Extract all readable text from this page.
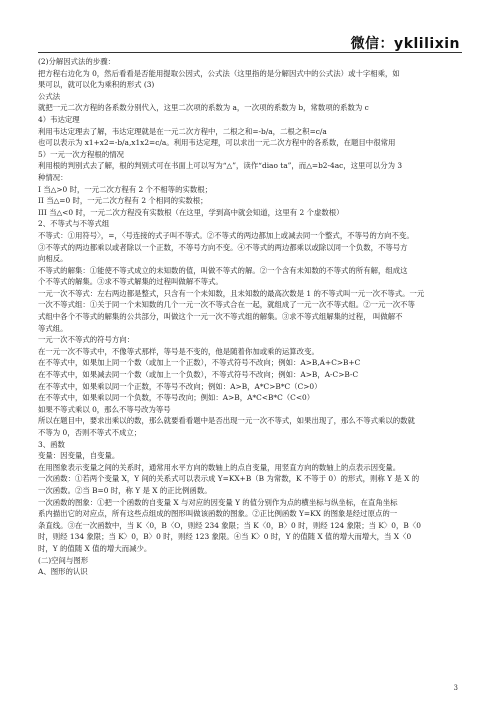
微信：yklilixin
(2)分解因式法的步骤：
把方程右边化为 0，然后看看是否能用提取公因式，公式法（这里指的是分解因式中的公式法）或十字相乘，如
果可以，就可以化为乘积的形式 (3)
公式法
就把一元二次方程的各系数分别代入，这里二次项的系数为 a，一次项的系数为 b，常数项的系数为 c
4）韦达定理
利用韦达定理去了解，韦达定理就是在一元二次方程中，二根之和=-b/a，二根之积=c/a
也可以表示为 x1+x2=-b/a,x1x2=c/a。利用韦达定理，可以求出一元二次方程中的各系数，在题目中很常用
5）一元一次方程根的情况
利用根的判别式去了解，根的判别式可在书面上可以写为“△”，读作“diao ta”，而△=b2-4ac，这里可以分为 3
种情况：
I 当△>0 时，一元二次方程有 2 个不相等的实数根；
II 当△=0 时，一元二次方程有 2 个相同的实数根；
III 当△<0 时，一元二次方程没有实数根（在这里，学到高中就会知道，这里有 2 个虚数根）
2、不等式与不等式组
不等式：①用符号〉，=，〈号连接的式子叫不等式。②不等式的两边都加上或减去同一个整式，不等号的方向不变。
③不等式的两边都乘以或者除以一个正数，不等号方向不变。④不等式的两边都乘以或除以同一个负数，不等号方
向相反。
不等式的解集：①能使不等式成立的未知数的值，叫做不等式的解。②一个含有未知数的不等式的所有解，组成这
个不等式的解集。③求不等式解集的过程叫做解不等式。
一元一次不等式：左右两边都是整式，只含有一个未知数，且未知数的最高次数是 1 的不等式叫一元一次不等式。一元
一次不等式组：①关于同一个未知数的几个一元一次不等式合在一起，就组成了一元一次不等式组。②一元一次不等
式组中各个不等式的解集的公共部分，叫做这个一元一次不等式组的解集。③求不等式组解集的过程， 叫做解不
等式组。
一元一次不等式的符号方向：
在一元一次不等式中，不像等式那样，等号是不变的，他是随着你加或乘的运算改变。
在不等式中，如果加上同一个数（或加上一个正数），不等式符号不改向；例如：A>B,A+C>B+C
在不等式中，如果减去同一个数（或加上一个负数），不等式符号不改向；例如：A>B，A-C>B-C
在不等式中，如果乘以同一个正数，不等号不改向；例如：A>B，A*C>B*C（C>0）
在不等式中，如果乘以同一个负数，不等号改向；例如：A>B，A*C<B*C（C<0）
如果不等式乘以 0，那么不等号改为等号
所以在题目中，要求出乘以的数，那么就要看看题中是否出现一元一次不等式，如果出现了，那么不等式乘以的数就
不等为 0，否则不等式不成立；
3、函数
变量：因变量，自变量。
在用图象表示变量之间的关系时，通常用水平方向的数轴上的点自变量，用竖直方向的数轴上的点表示因变量。
一次函数：①若两个变量 X，Y 间的关系式可以表示成 Y=KX+B（B 为常数，K 不等于 0）的形式，则称 Y 是 X 的
一次函数。②当 B=0 时，称 Y 是 X 的正比例函数。
一次函数的图象：①把一个函数的自变量 X 与对应的因变量 Y 的值分别作为点的横坐标与纵坐标，在直角坐标
系内描出它的对应点，所有这些点组成的图形叫做该函数的图象。②正比例函数 Y=KX 的图象是经过原点的一
条直线。③在一次函数中，当 K〈0，B〈O，则经 234 象限；当 K〈0，B〉0 时，则经 124 象限；当 K〉0，B〈0
时，则经 134 象限；当 K〉0，B〉0 时，则经 123 象限。④当 K〉0 时，Y 的值随 X 值的增大而增大，当 X〈0
时，Y 的值随 X 值的增大而减少。
(二)空间与图形
A、图形的认识
3
